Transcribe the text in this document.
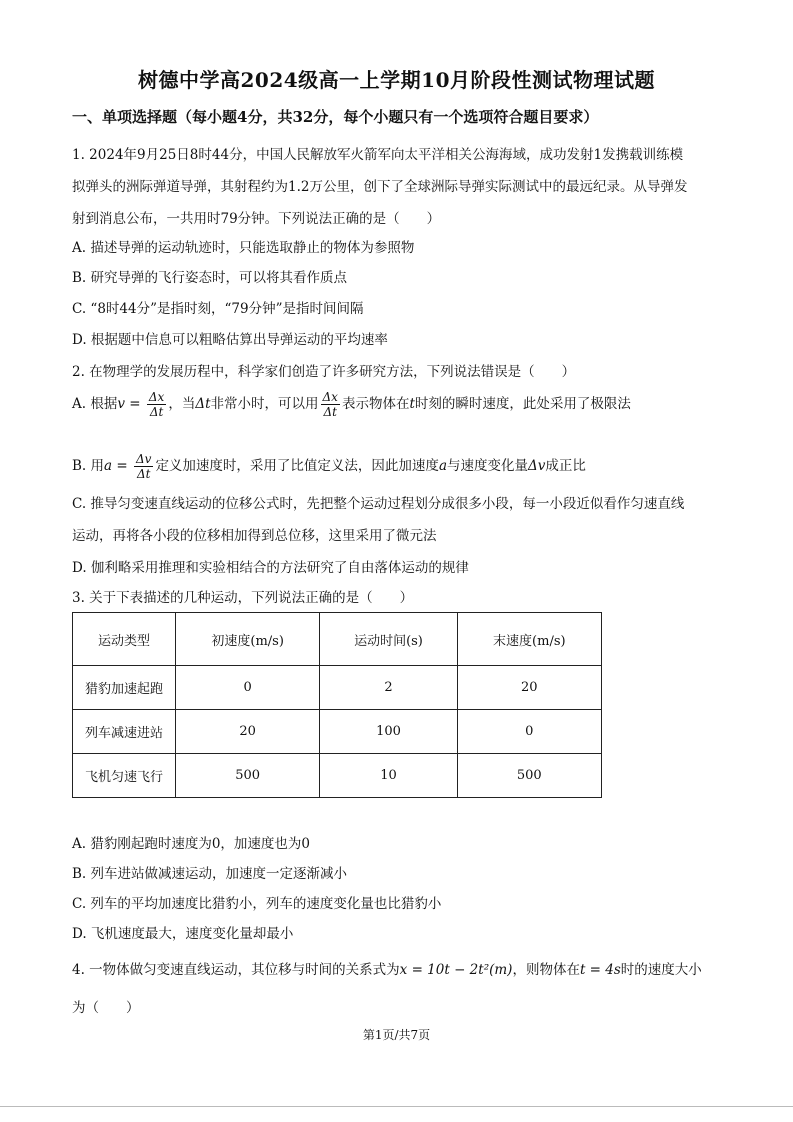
树德中学高2024级高一上学期10月阶段性测试物理试题
一、单项选择题（每小题4分，共32分，每个小题只有一个选项符合题目要求）
1. 2024年9月25日8时44分，中国人民解放军火箭军向太平洋相关公海海域，成功发射1发携载训练模
拟弹头的洲际弹道导弹，其射程约为1.2万公里，创下了全球洲际导弹实际测试中的最远纪录。从导弹发
射到消息公布，一共用时79分钟。下列说法正确的是（　　）
A. 描述导弹的运动轨迹时，只能选取静止的物体为参照物
B. 研究导弹的飞行姿态时，可以将其看作质点
C. “8时44分”是指时刻，“79分钟”是指时间间隔
D. 根据题中信息可以粗略估算出导弹运动的平均速率
2. 在物理学的发展历程中，科学家们创造了许多研究方法，下列说法错误是（　　）
A. 根据$v = \frac{\Delta x}{\Delta t}$ ，当Δt非常小时，可以用 $\frac{\Delta x}{\Delta t}$ 表示物体在t时刻的瞬时速度，此处采用了极限法
B. 用$a = \frac{\Delta v}{\Delta t}$ 定义加速度时，采用了比值定义法，因此加速度a与速度变化量Δv成正比
C. 推导匀变速直线运动的位移公式时，先把整个运动过程划分成很多小段，每一小段近似看作匀速直线
运动，再将各小段的位移相加得到总位移，这里采用了微元法
D. 伽利略采用推理和实验相结合的方法研究了自由落体运动的规律
3. 关于下表描述的几种运动，下列说法正确的是（　　）
运动类型	初速度(m/s)	运动时间(s)	末速度(m/s)
猎豹加速起跑	0	2	20
列车减速进站	20	100	0
飞机匀速飞行	500	10	500
A. 猎豹刚起跑时速度为0，加速度也为0
B. 列车进站做减速运动，加速度一定逐渐减小
C. 列车的平均加速度比猎豹小，列车的速度变化量也比猎豹小
D. 飞机速度最大，速度变化量却最小
4. 一物体做匀变速直线运动，其位移与时间的关系式为x = 10t − 2t²(m)，则物体在t = 4s时的速度大小
为（　　）
第1页/共7页
